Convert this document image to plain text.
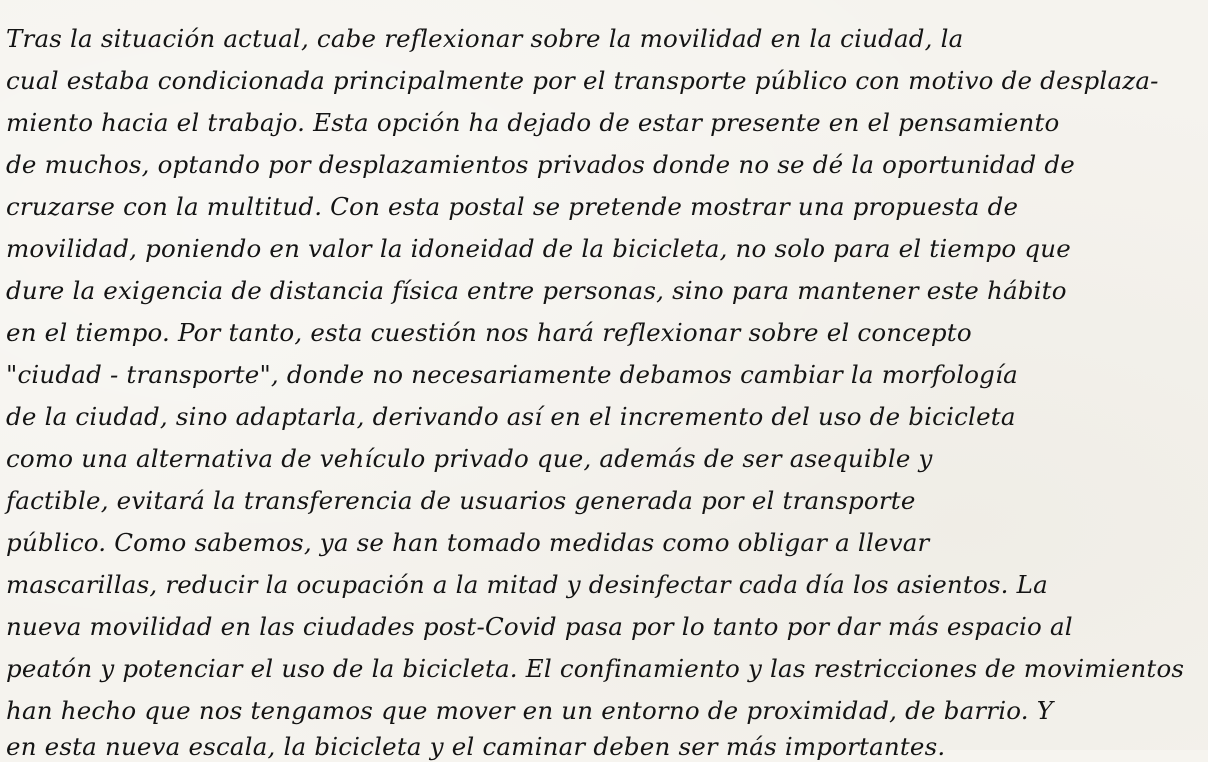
Tras la situación actual, cabe reflexionar sobre la movilidad en la ciudad, la
cual estaba condicionada principalmente por el transporte público con motivo de desplaza-
miento hacia el trabajo. Esta opción ha dejado de estar presente en el pensamiento
de muchos, optando por desplazamientos privados donde no se dé la oportunidad de
cruzarse con la multitud. Con esta postal se pretende mostrar una propuesta de
movilidad, poniendo en valor la idoneidad de la bicicleta, no solo para el tiempo que
dure la exigencia de distancia física entre personas, sino para mantener este hábito
en el tiempo. Por tanto, esta cuestión nos hará reflexionar sobre el concepto
"ciudad - transporte", donde no necesariamente debamos cambiar la morfología
de la ciudad, sino adaptarla, derivando así en el incremento del uso de bicicleta
como una alternativa de vehículo privado que, además de ser asequible y
factible, evitará la transferencia de usuarios generada por el transporte
público. Como sabemos, ya se han tomado medidas como obligar a llevar
mascarillas, reducir la ocupación a la mitad y desinfectar cada día los asientos. La
nueva movilidad en las ciudades post-Covid pasa por lo tanto por dar más espacio al
peatón y potenciar el uso de la bicicleta. El confinamiento y las restricciones de movimientos
han hecho que nos tengamos que mover en un entorno de proximidad, de barrio. Y
en esta nueva escala, la bicicleta y el caminar deben ser más importantes.
